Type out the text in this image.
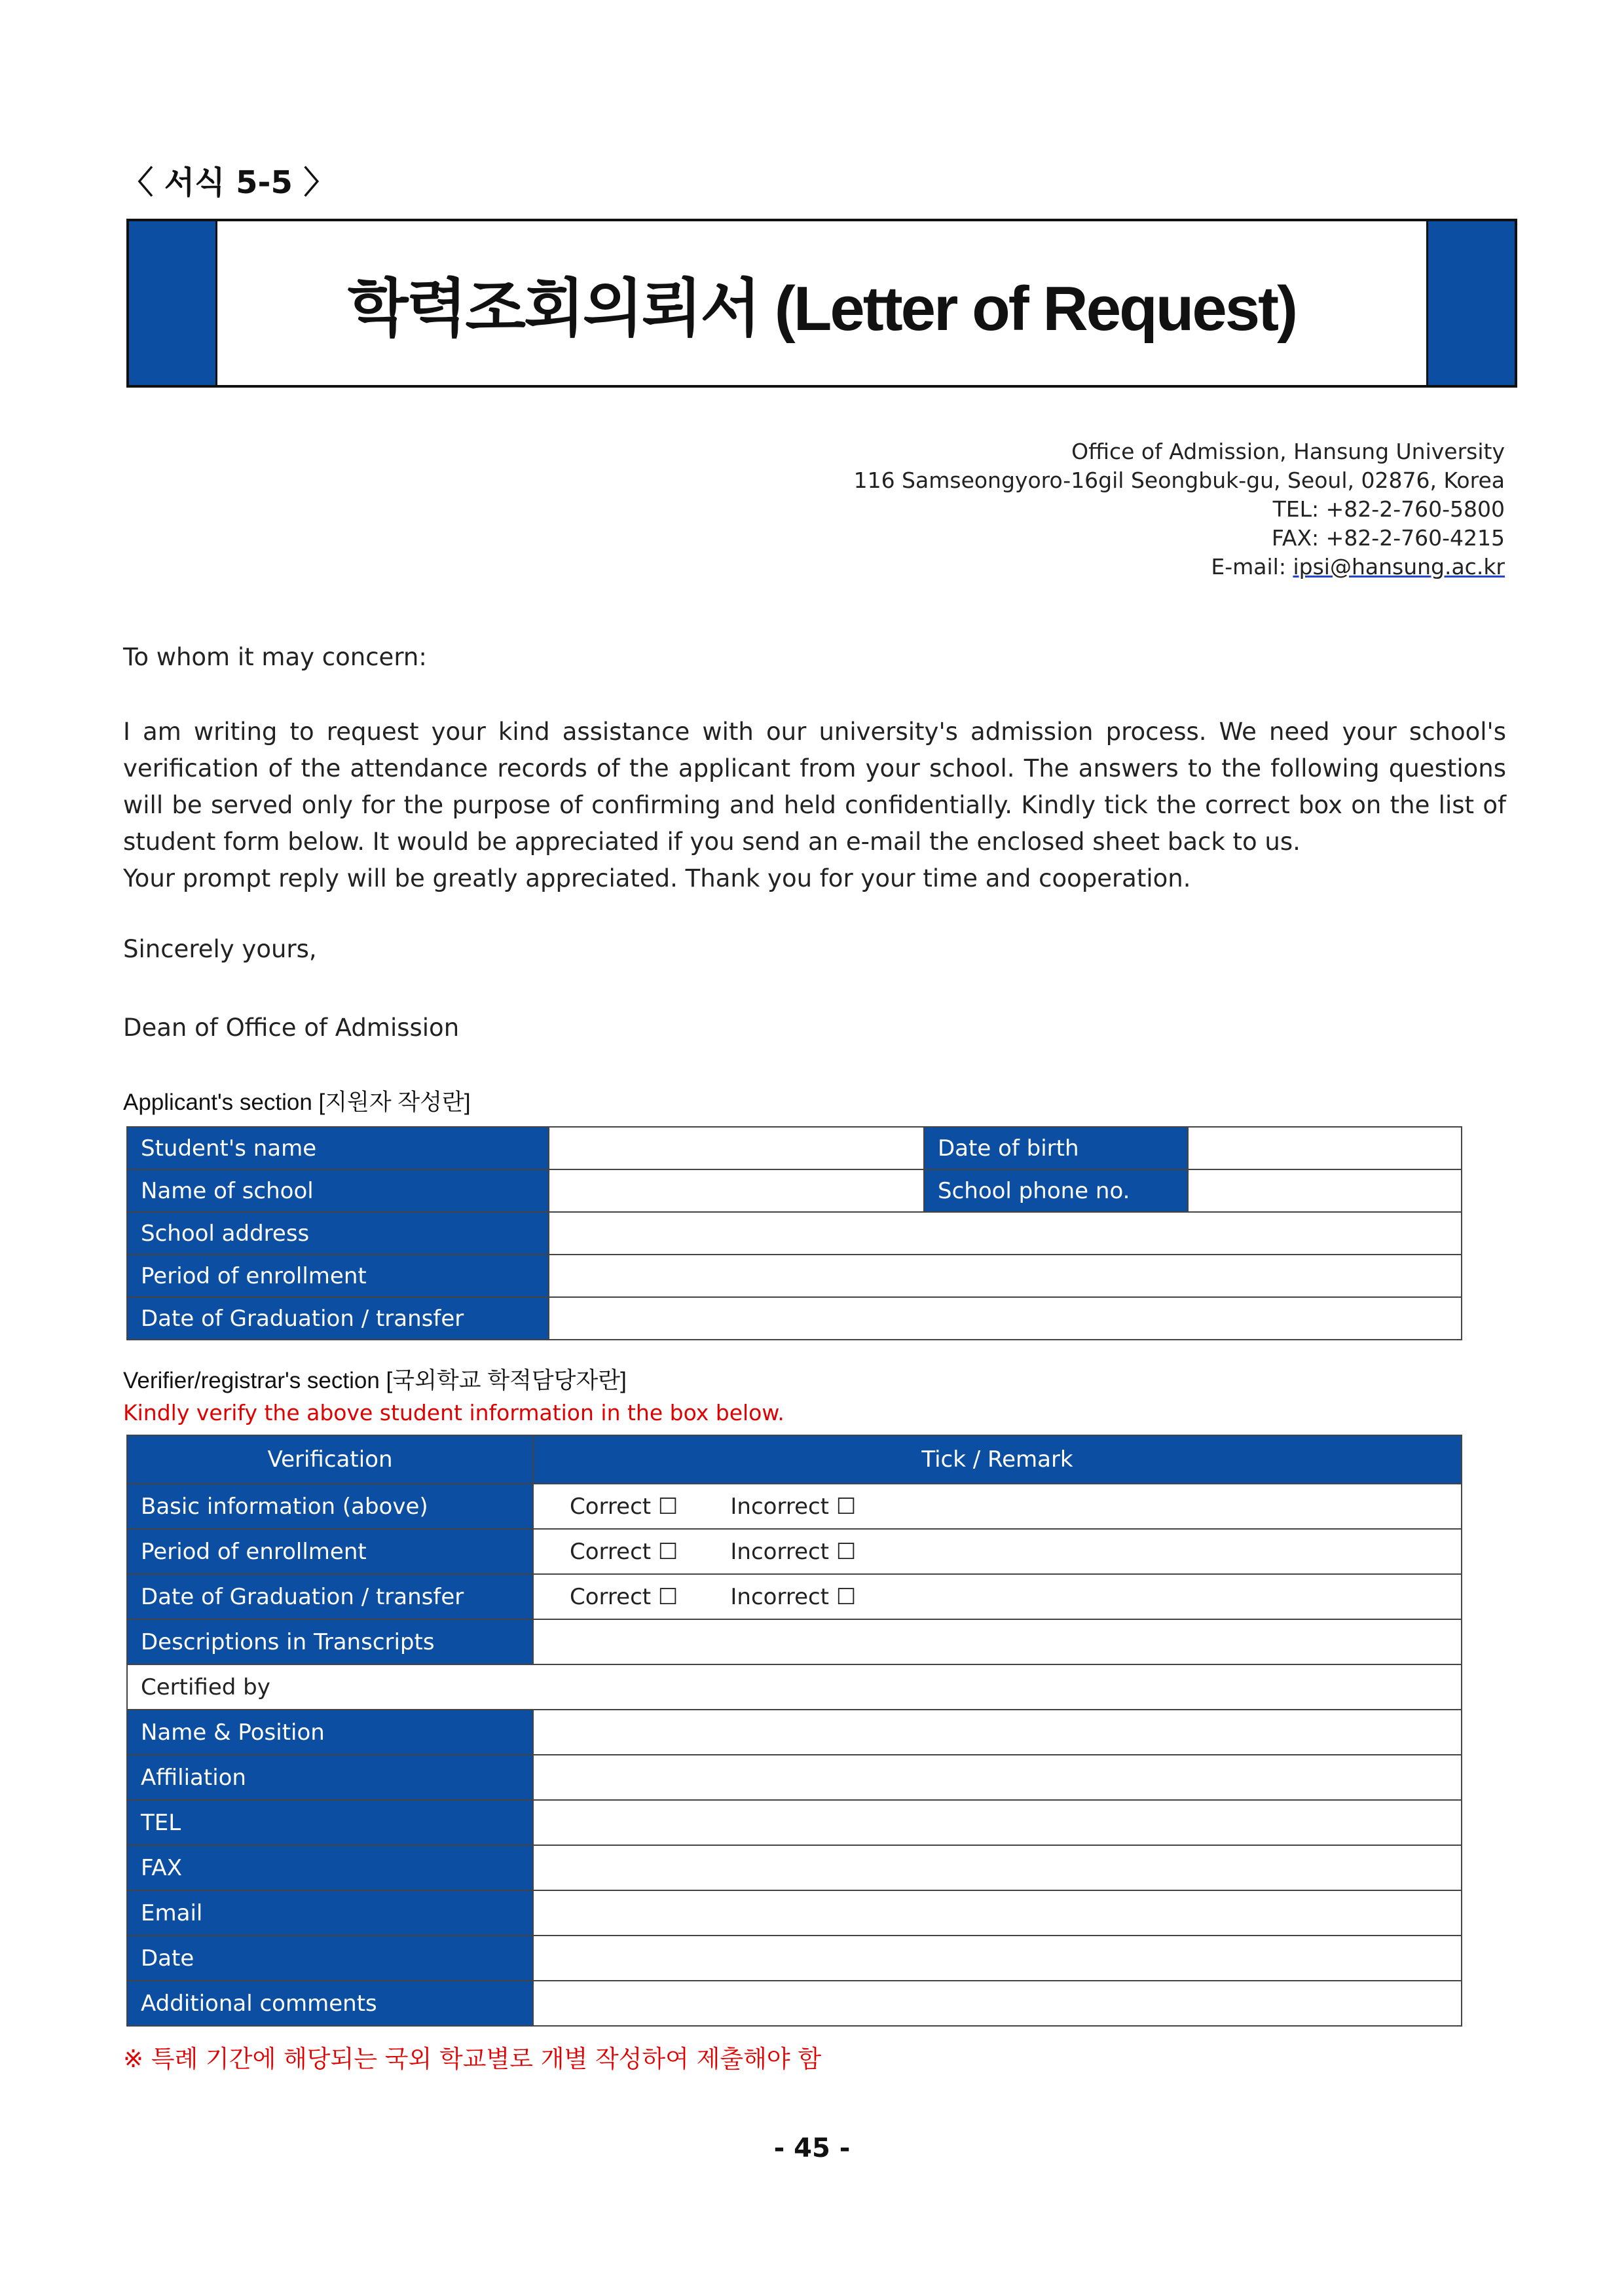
〈 서식 5-5 〉
학력조회의뢰서 (Letter of Request)
Office of Admission, Hansung University
116 Samseongyoro-16gil Seongbuk-gu, Seoul, 02876, Korea
TEL: +82-2-760-5800
FAX: +82-2-760-4215
E-mail: ipsi@hansung.ac.kr
To whom it may concern:

I am writing to request your kind assistance with our university's admission process. We need your school's verification of the attendance records of the applicant from your school. The answers to the following questions will be served only for the purpose of confirming and held confidentially. Kindly tick the correct box on the list of student form below. It would be appreciated if you send an e-mail the enclosed sheet back to us.

Your prompt reply will be greatly appreciated. Thank you for your time and cooperation.

Sincerely yours,
Dean of Office of Admission
Applicant's section [지원자 작성란]
Student's name		Date of birth	
Name of school		School phone no.	
School address			
Period of enrollment			
Date of Graduation / transfer			
Verifier/registrar's section [국외학교 학적담당자란]
Kindly verify the above student information in the box below.
Verification	Tick / Remark
Basic information (above)	Correct ☐ Incorrect ☐
Period of enrollment	Correct ☐ Incorrect ☐
Date of Graduation / transfer	Correct ☐ Incorrect ☐
Descriptions in Transcripts	
Certified by	
Name & Position	
Affiliation	
TEL	
FAX	
Email	
Date	
Additional comments	
※ 특례 기간에 해당되는 국외 학교별로 개별 작성하여 제출해야 함
- 45 -
